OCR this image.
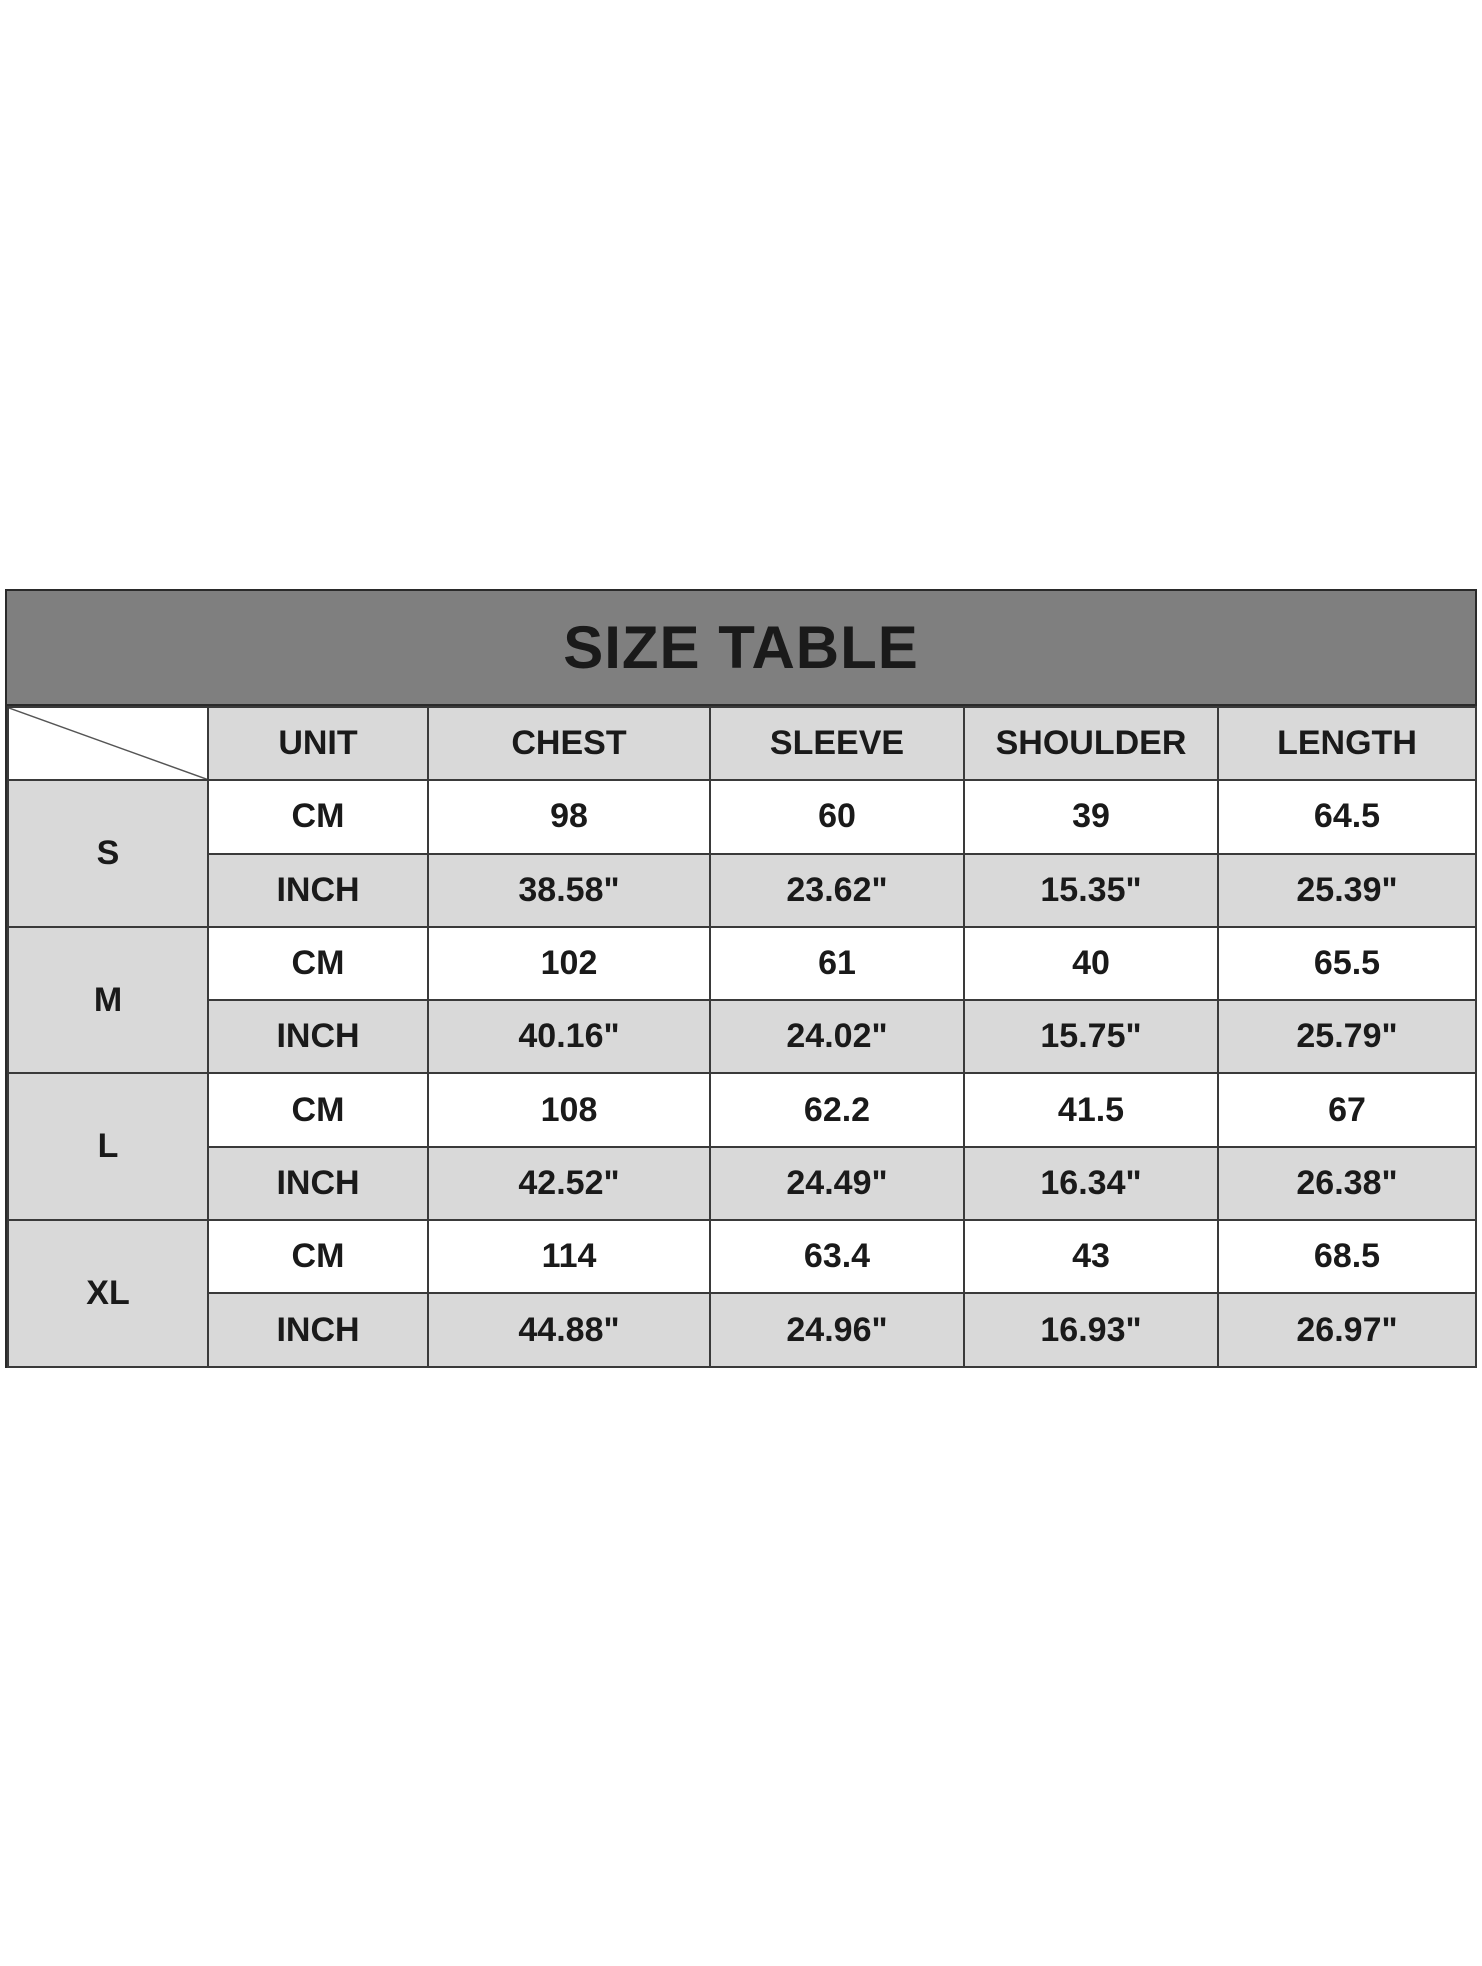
SIZE TABLE
	UNIT	CHEST	SLEEVE	SHOULDER	LENGTH
S	CM	98	60	39	64.5
	INCH	38.58"	23.62"	15.35"	25.39"
M	CM	102	61	40	65.5
	INCH	40.16"	24.02"	15.75"	25.79"
L	CM	108	62.2	41.5	67
	INCH	42.52"	24.49"	16.34"	26.38"
XL	CM	114	63.4	43	68.5
	INCH	44.88"	24.96"	16.93"	26.97"
